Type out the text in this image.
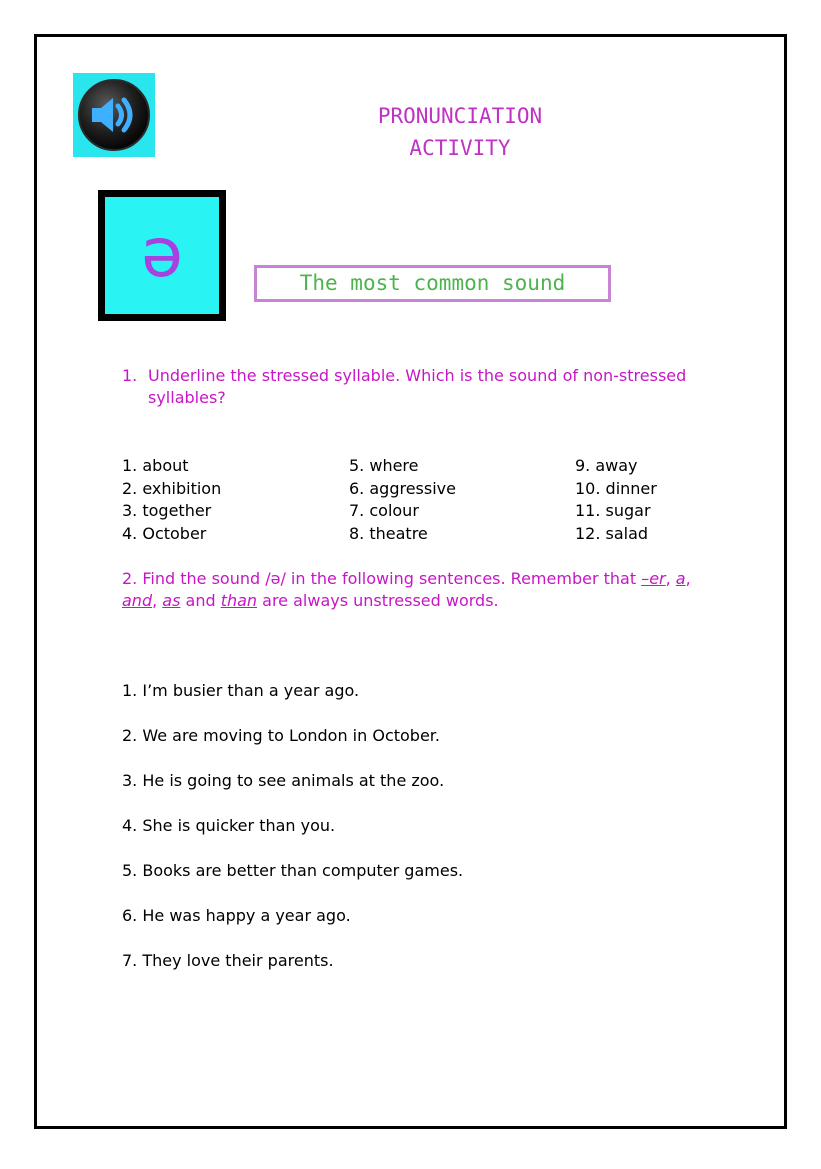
PRONUNCIATION
ACTIVITY
ə	The most common sound
1. Underline the stressed syllable. Which is the sound of non-stressed
syllables?
1. about
2. exhibition
3. together
4. October
5. where
6. aggressive
7. colour
8. theatre
9. away
10. dinner
11. sugar
12. salad
2. Find the sound /ə/ in the following sentences. Remember that –er, a, and, as and than are always unstressed words.
1. I’m busier than a year ago.
2. We are moving to London in October.
3. He is going to see animals at the zoo.
4. She is quicker than you.
5. Books are better than computer games.
6. He was happy a year ago.
7. They love their parents.
